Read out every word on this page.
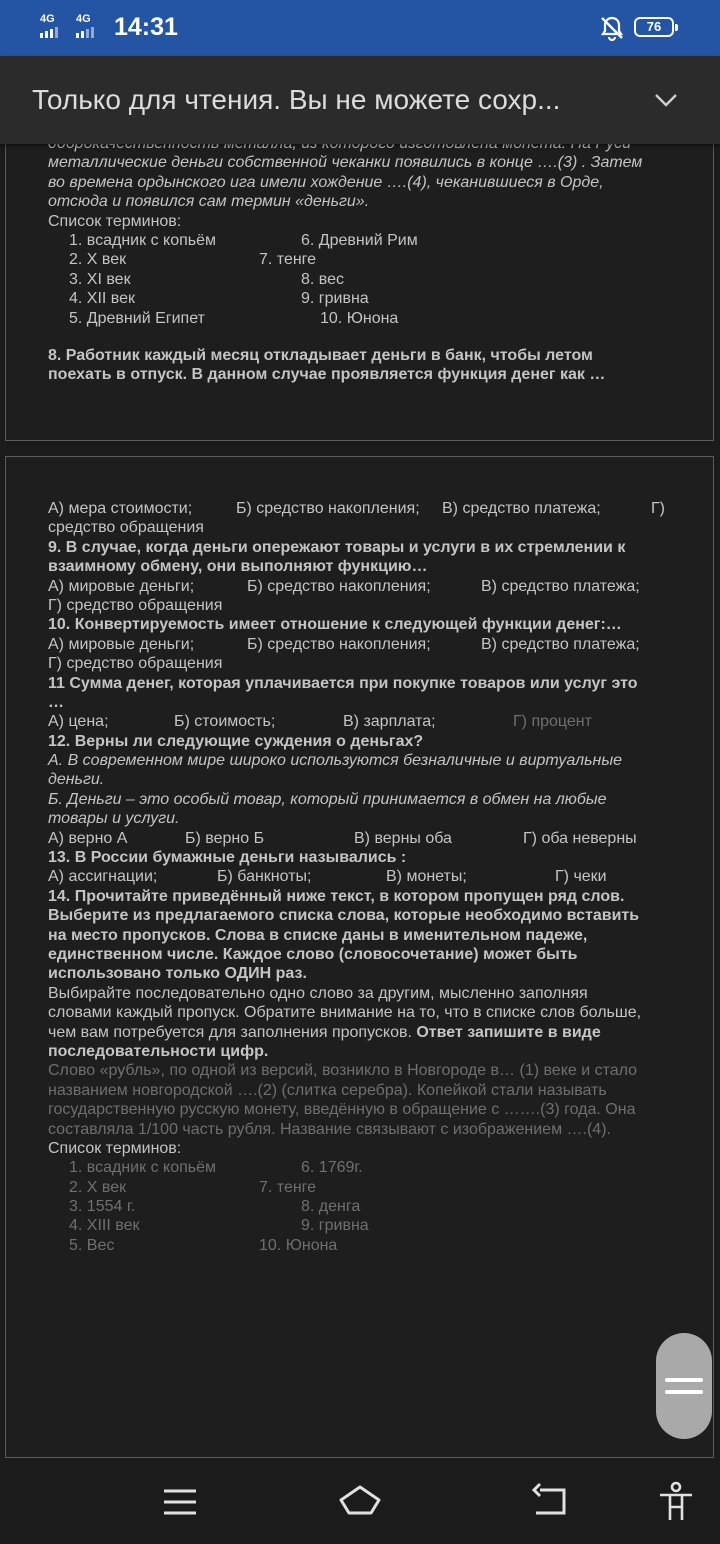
4G 4G 14:31	76
Только для чтения. Вы не можете сохр...
металлические деньги собственной чеканки появились в конце ….(3) . Затем
во времена ордынского ига имели хождение ….(4), чеканившиеся в Орде,
отсюда и появился сам термин «деньги».
Список терминов:
1. всадник с копьём	6. Древний Рим
2. X век	7. тенге
3. XI век	8. вес
4. XII век	9. гривна
5. Древний Египет	10. Юнона
8. Работник каждый месяц откладывает деньги в банк, чтобы летом
поехать в отпуск. В данном случае проявляется функция денег как …
А) мера стоимости;	Б) средство накопления; В) средство платежа;	Г)
средство обращения
9. В случае, когда деньги опережают товары и услуги в их стремлении к
взаимному обмену, они выполняют функцию…
А) мировые деньги;	Б) средство накопления;	В) средство платежа;
Г) средство обращения
10. Конвертируемость имеет отношение к следующей функции денег:…
А) мировые деньги;	Б) средство накопления;	В) средство платежа;
Г) средство обращения
11 Сумма денег, которая уплачивается при покупке товаров или услуг это
…
А) цена;	Б) стоимость;	В) зарплата;	Г) процент
12. Верны ли следующие суждения о деньгах?
А. В современном мире широко используются безналичные и виртуальные
деньги.
Б. Деньги – это особый товар, который принимается в обмен на любые
товары и услуги.
А) верно А	Б) верно Б	В) верны оба	Г) оба неверны
13. В России бумажные деньги назывались :
А) ассигнации;	Б) банкноты;	В) монеты;	Г) чеки
14. Прочитайте приведённый ниже текст, в котором пропущен ряд слов.
Выберите из предлагаемого списка слова, которые необходимо вставить
на место пропусков. Слова в списке даны в именительном падеже,
единственном числе. Каждое слово (словосочетание) может быть
использовано только ОДИН раз.
Выбирайте последовательно одно слово за другим, мысленно заполняя
словами каждый пропуск. Обратите внимание на то, что в списке слов больше,
чем вам потребуется для заполнения пропусков. Ответ запишите в виде
последовательности цифр.
Слово «рубль», по одной из версий, возникло в Новгороде в… (1) веке и стало
названием новгородской ….(2) (слитка серебра). Копейкой стали называть
государственную русскую монету, введённую в обращение с …….(3) года. Она
составляла 1/100 часть рубля. Название связывают с изображением ….(4).
Список терминов:
1. всадник с копьём	6. 1769г.
2. X век	7. тенге
3. 1554 г.	8. денга
4. XIII век	9. гривна
5. Вес	10. Юнона
